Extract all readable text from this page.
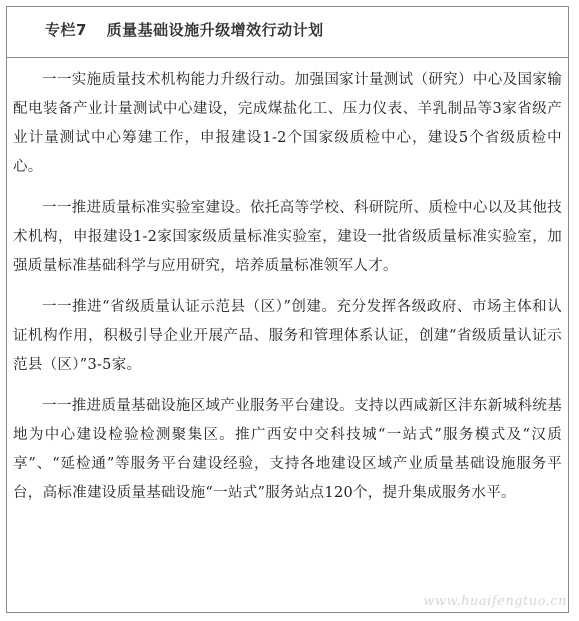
专栏7 质量基础设施升级增效行动计划

一一实施质量技术机构能力升级行动。加强国家计量测试（研究）中心及国家输配电装备产业计量测试中心建设，完成煤盐化工、压力仪表、羊乳制品等3家省级产业计量测试中心筹建工作，申报建设1-2个国家级质检中心，建设5个省级质检中心。

一一推进质量标准实验室建设。依托高等学校、科研院所、质检中心以及其他技术机构，申报建设1-2家国家级质量标准实验室，建设一批省级质量标准实验室，加强质量标准基础科学与应用研究，培养质量标准领军人才。

一一推进“省级质量认证示范县（区）”创建。充分发挥各级政府、市场主体和认证机构作用，积极引导企业开展产品、服务和管理体系认证，创建“省级质量认证示范县（区）”3-5家。

一一推进质量基础设施区域产业服务平台建设。支持以西咸新区沣东新城科统基地为中心建设检验检测聚集区。推广西安中交科技城“一站式”服务模式及“汉质享”、“延检通”等服务平台建设经验，支持各地建设区域产业质量基础设施服务平台，高标准建设质量基础设施“一站式”服务站点120个，提升集成服务水平。

www.huaifengtuo.cn
